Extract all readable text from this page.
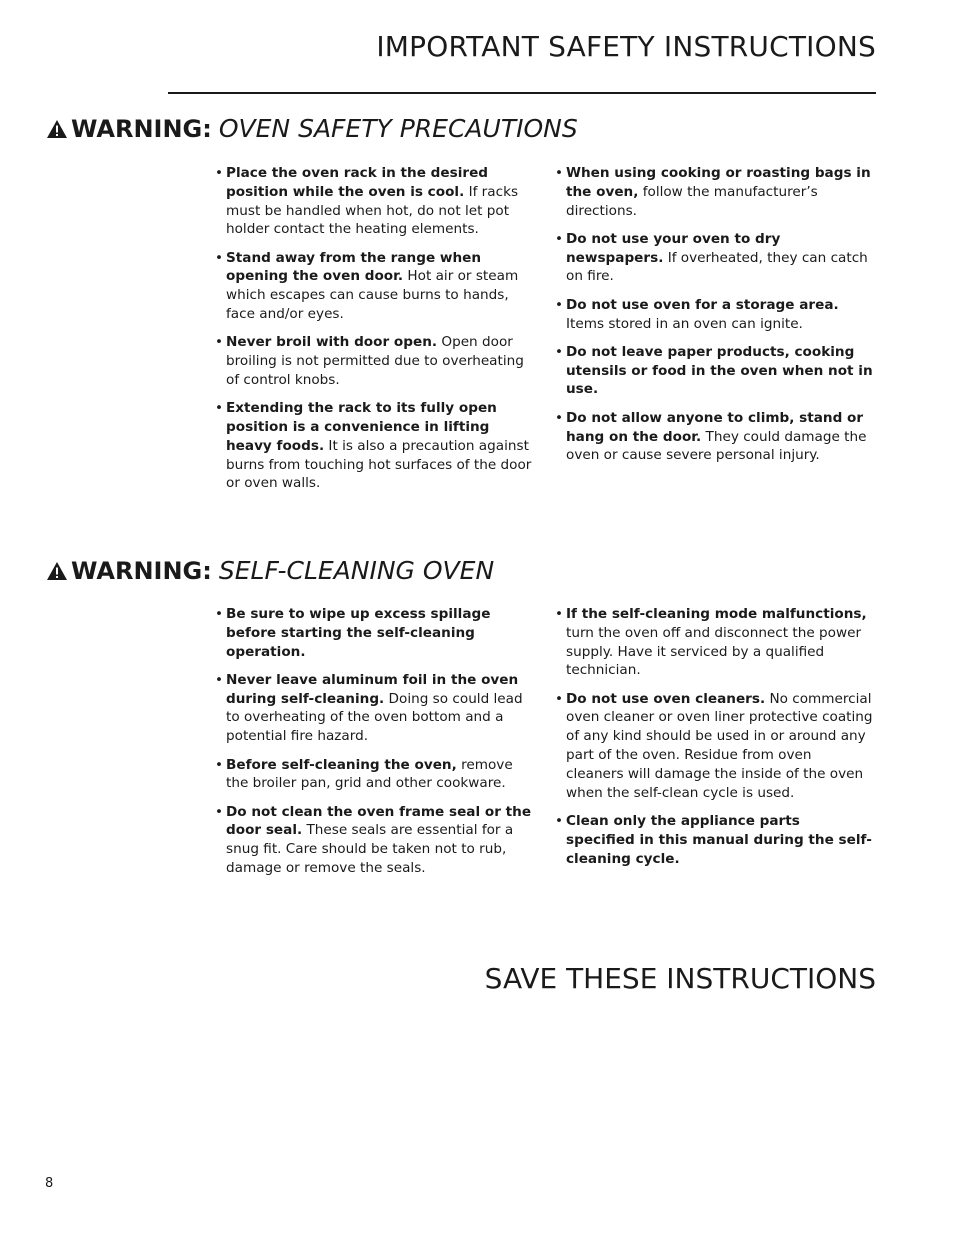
IMPORTANT SAFETY INSTRUCTIONS
WARNING: OVEN SAFETY PRECAUTIONS
• Place the oven rack in the desired position while the oven is cool. If racks must be handled when hot, do not let pot holder contact the heating elements.
• Stand away from the range when opening the oven door. Hot air or steam which escapes can cause burns to hands, face and/or eyes.
• Never broil with door open. Open door broiling is not permitted due to overheating of control knobs.
• Extending the rack to its fully open position is a convenience in lifting heavy foods. It is also a precaution against burns from touching hot surfaces of the door or oven walls.
• When using cooking or roasting bags in the oven, follow the manufacturer’s directions.
• Do not use your oven to dry newspapers. If overheated, they can catch on fire.
• Do not use oven for a storage area. Items stored in an oven can ignite.
• Do not leave paper products, cooking utensils or food in the oven when not in use.
• Do not allow anyone to climb, stand or hang on the door. They could damage the oven or cause severe personal injury.
WARNING: SELF-CLEANING OVEN
• Be sure to wipe up excess spillage before starting the self-cleaning operation.
• Never leave aluminum foil in the oven during self-cleaning. Doing so could lead to overheating of the oven bottom and a potential fire hazard.
• Before self-cleaning the oven, remove the broiler pan, grid and other cookware.
• Do not clean the oven frame seal or the door seal. These seals are essential for a snug fit. Care should be taken not to rub, damage or remove the seals.
• If the self-cleaning mode malfunctions, turn the oven off and disconnect the power supply. Have it serviced by a qualified technician.
• Do not use oven cleaners. No commercial oven cleaner or oven liner protective coating of any kind should be used in or around any part of the oven. Residue from oven cleaners will damage the inside of the oven when the self-clean cycle is used.
• Clean only the appliance parts specified in this manual during the self-cleaning cycle.
SAVE THESE INSTRUCTIONS
8
